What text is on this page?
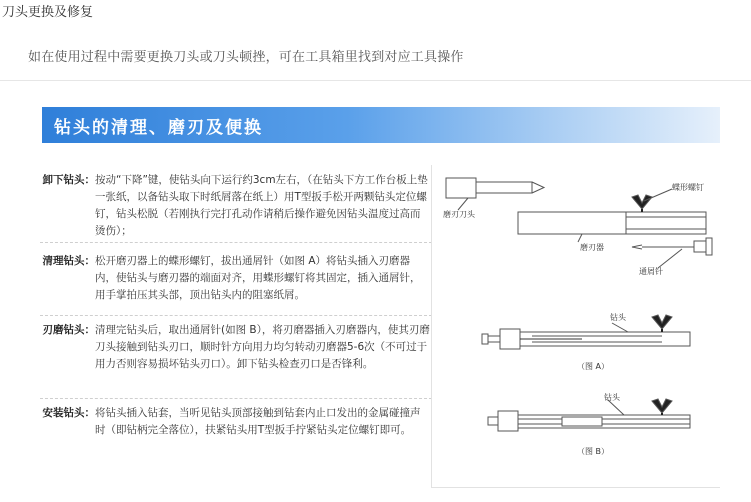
刀头更换及修复
如在使用过程中需要更换刀头或刀头顿挫，可在工具箱里找到对应工具操作
钻头的清理、磨刃及便换
卸下钻头： 按动“下降”键，使钻头向下运行约3cm左右，（在钻头下方工作台板上垫一张纸，以备钻头取下时纸屑落在纸上）用T型扳手松开两颗钻头定位螺钉，钻头松脱（若刚执行完打孔动作请稍后操作避免因钻头温度过高而烫伤）；
清理钻头： 松开磨刃器上的蝶形螺钉，拔出通屑针（如图 A）将钻头插入刃磨器内，使钻头与磨刃器的端面对齐，用蝶形螺钉将其固定，插入通屑针，用手掌拍压其头部，顶出钻头内的阻塞纸屑。
刃磨钻头： 清理完钻头后，取出通屑针(如图 B），将刃磨器插入刃磨器内，使其刃磨刀头接触到钻头刃口，顺时针方向用力均匀转动刃磨器5-6次（不可过于用力否则容易损坏钻头刃口）。卸下钻头检查刃口是否锋利。
安装钻头： 将钻头插入钻套，当听见钻头顶部接触到钻套内止口发出的金属碰撞声时（即钻柄完全落位），扶紧钻头用T型扳手拧紧钻头定位螺钉即可。
磨刃刀头
蝶形螺钉
磨刃器
通屑针
钻头
（图 A）
钻头
（图 B）
